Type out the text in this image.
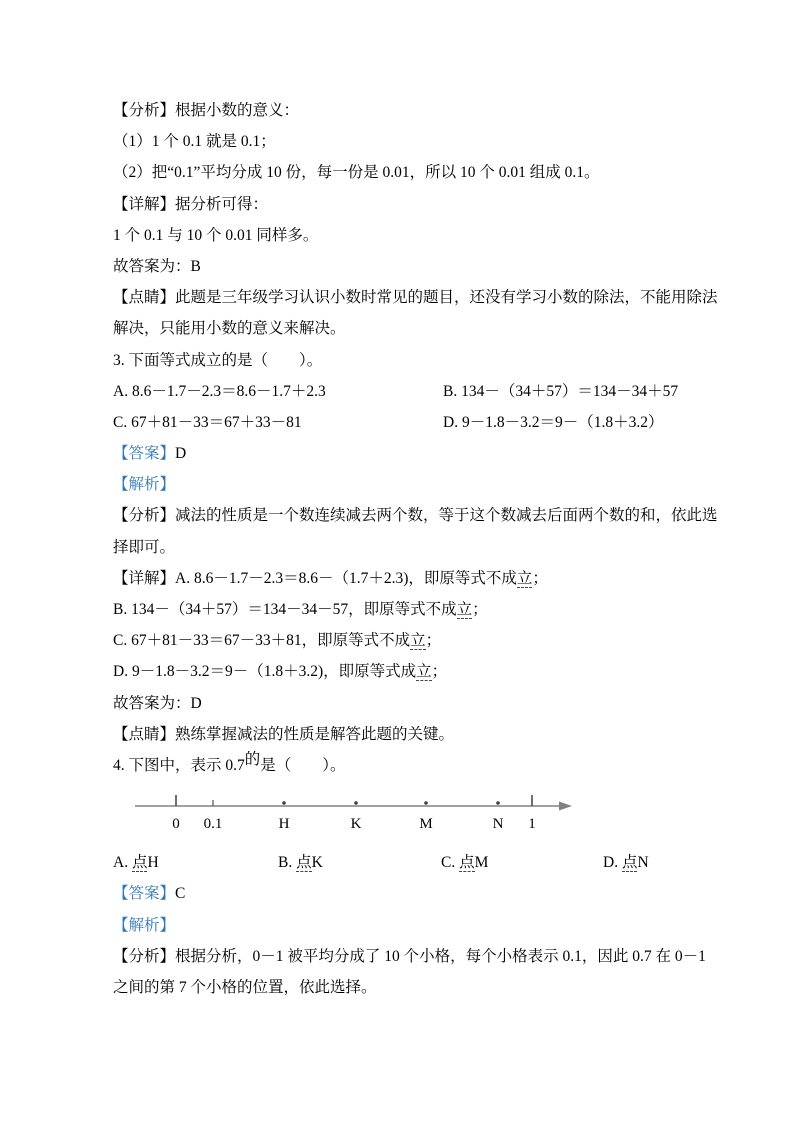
【分析】根据小数的意义：
（1）1 个 0.1 就是 0.1；
（2）把“0.1”平均分成 10 份，每一份是 0.01，所以 10 个 0.01 组成 0.1。
【详解】据分析可得：
1 个 0.1 与 10 个 0.01 同样多。
故答案为：B
【点睛】此题是三年级学习认识小数时常见的题目，还没有学习小数的除法，不能用除法
解决，只能用小数的意义来解决。
3. 下面等式成立的是（　　）。
A. 8.6－1.7－2.3＝8.6－1.7＋2.3	B. 134－（34＋57）＝134－34＋57
C. 67＋81－33＝67＋33－81	D. 9－1.8－3.2＝9－（1.8＋3.2）
【答案】D
【解析】
【分析】减法的性质是一个数连续减去两个数，等于这个数减去后面两个数的和，依此选
择即可。
【详解】A. 8.6－1.7－2.3＝8.6－（1.7＋2.3)，即原等式不成立；
B. 134－（34＋57）＝134－34－57，即原等式不成立；
C. 67＋81－33＝67－33＋81，即原等式不成立；
D. 9－1.8－3.2＝9－（1.8＋3.2)，即原等式成立；
故答案为：D
【点睛】熟练掌握减法的性质是解答此题的关键。
4. 下图中，表示 0.7的是（　　）。
0 0.1	H	K	M	N 1
A. 点H	B. 点K	C. 点M	D. 点N
【答案】C
【解析】
【分析】根据分析，0－1 被平均分成了 10 个小格，每个小格表示 0.1，因此 0.7 在 0－1
之间的第 7 个小格的位置，依此选择。
